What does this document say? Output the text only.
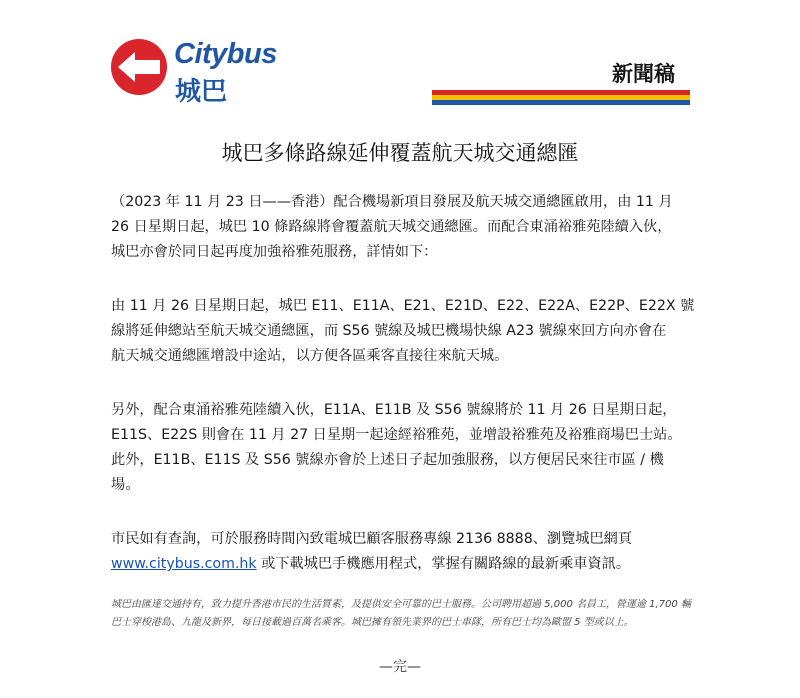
Citybus
城巴
新聞稿
城巴多條路線延伸覆蓋航天城交通總匯

（2023 年 11 月 23 日——香港）配合機場新項目發展及航天城交通總匯啟用，由 11 月
26 日星期日起，城巴 10 條路線將會覆蓋航天城交通總匯。而配合東涌裕雅苑陸續入伙，
城巴亦會於同日起再度加強裕雅苑服務，詳情如下：

由 11 月 26 日星期日起，城巴 E11、E11A、E21、E21D、E22、E22A、E22P、E22X 號
線將延伸總站至航天城交通總匯，而 S56 號線及城巴機場快線 A23 號線來回方向亦會在
航天城交通總匯增設中途站，以方便各區乘客直接往來航天城。

另外，配合東涌裕雅苑陸續入伙，E11A、E11B 及 S56 號線將於 11 月 26 日星期日起，
E11S、E22S 則會在 11 月 27 日星期一起途經裕雅苑，並增設裕雅苑及裕雅商場巴士站。
此外，E11B、E11S 及 S56 號線亦會於上述日子起加強服務，以方便居民來往市區 / 機
場。

市民如有查詢，可於服務時間內致電城巴顧客服務專線 2136 8888、瀏覽城巴網頁
www.citybus.com.hk 或下載城巴手機應用程式，掌握有關路線的最新乘車資訊。

城巴由匯達交通持有，致力提升香港市民的生活質素，及提供安全可靠的巴士服務。公司聘用超過 5,000 名員工，營運逾 1,700 輛
巴士穿梭港島、九龍及新界，每日接載過百萬名乘客。城巴擁有領先業界的巴士車隊，所有巴士均為歐盟 5 型或以上。
—完—
